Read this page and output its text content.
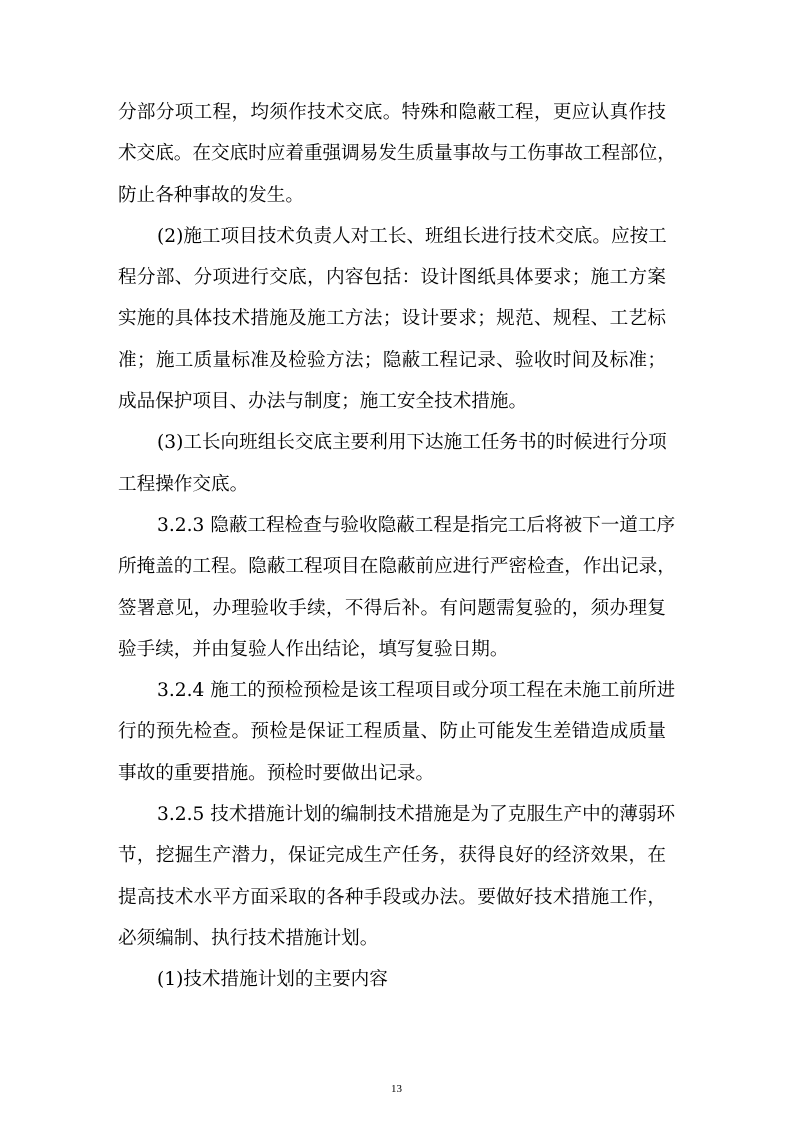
分部分项工程，均须作技术交底。特殊和隐蔽工程，更应认真作技
术交底。在交底时应着重强调易发生质量事故与工伤事故工程部位，
防止各种事故的发生。
(2)施工项目技术负责人对工长、班组长进行技术交底。应按工
程分部、分项进行交底，内容包括：设计图纸具体要求；施工方案
实施的具体技术措施及施工方法；设计要求；规范、规程、工艺标
准；施工质量标准及检验方法；隐蔽工程记录、验收时间及标准；
成品保护项目、办法与制度；施工安全技术措施。
(3)工长向班组长交底主要利用下达施工任务书的时候进行分项
工程操作交底。
3.2.3 隐蔽工程检查与验收隐蔽工程是指完工后将被下一道工序
所掩盖的工程。隐蔽工程项目在隐蔽前应进行严密检查，作出记录，
签署意见，办理验收手续，不得后补。有问题需复验的，须办理复
验手续，并由复验人作出结论，填写复验日期。
3.2.4 施工的预检预检是该工程项目或分项工程在未施工前所进
行的预先检查。预检是保证工程质量、防止可能发生差错造成质量
事故的重要措施。预检时要做出记录。
3.2.5 技术措施计划的编制技术措施是为了克服生产中的薄弱环
节，挖掘生产潜力，保证完成生产任务，获得良好的经济效果，在
提高技术水平方面采取的各种手段或办法。要做好技术措施工作，
必须编制、执行技术措施计划。
(1)技术措施计划的主要内容
13
